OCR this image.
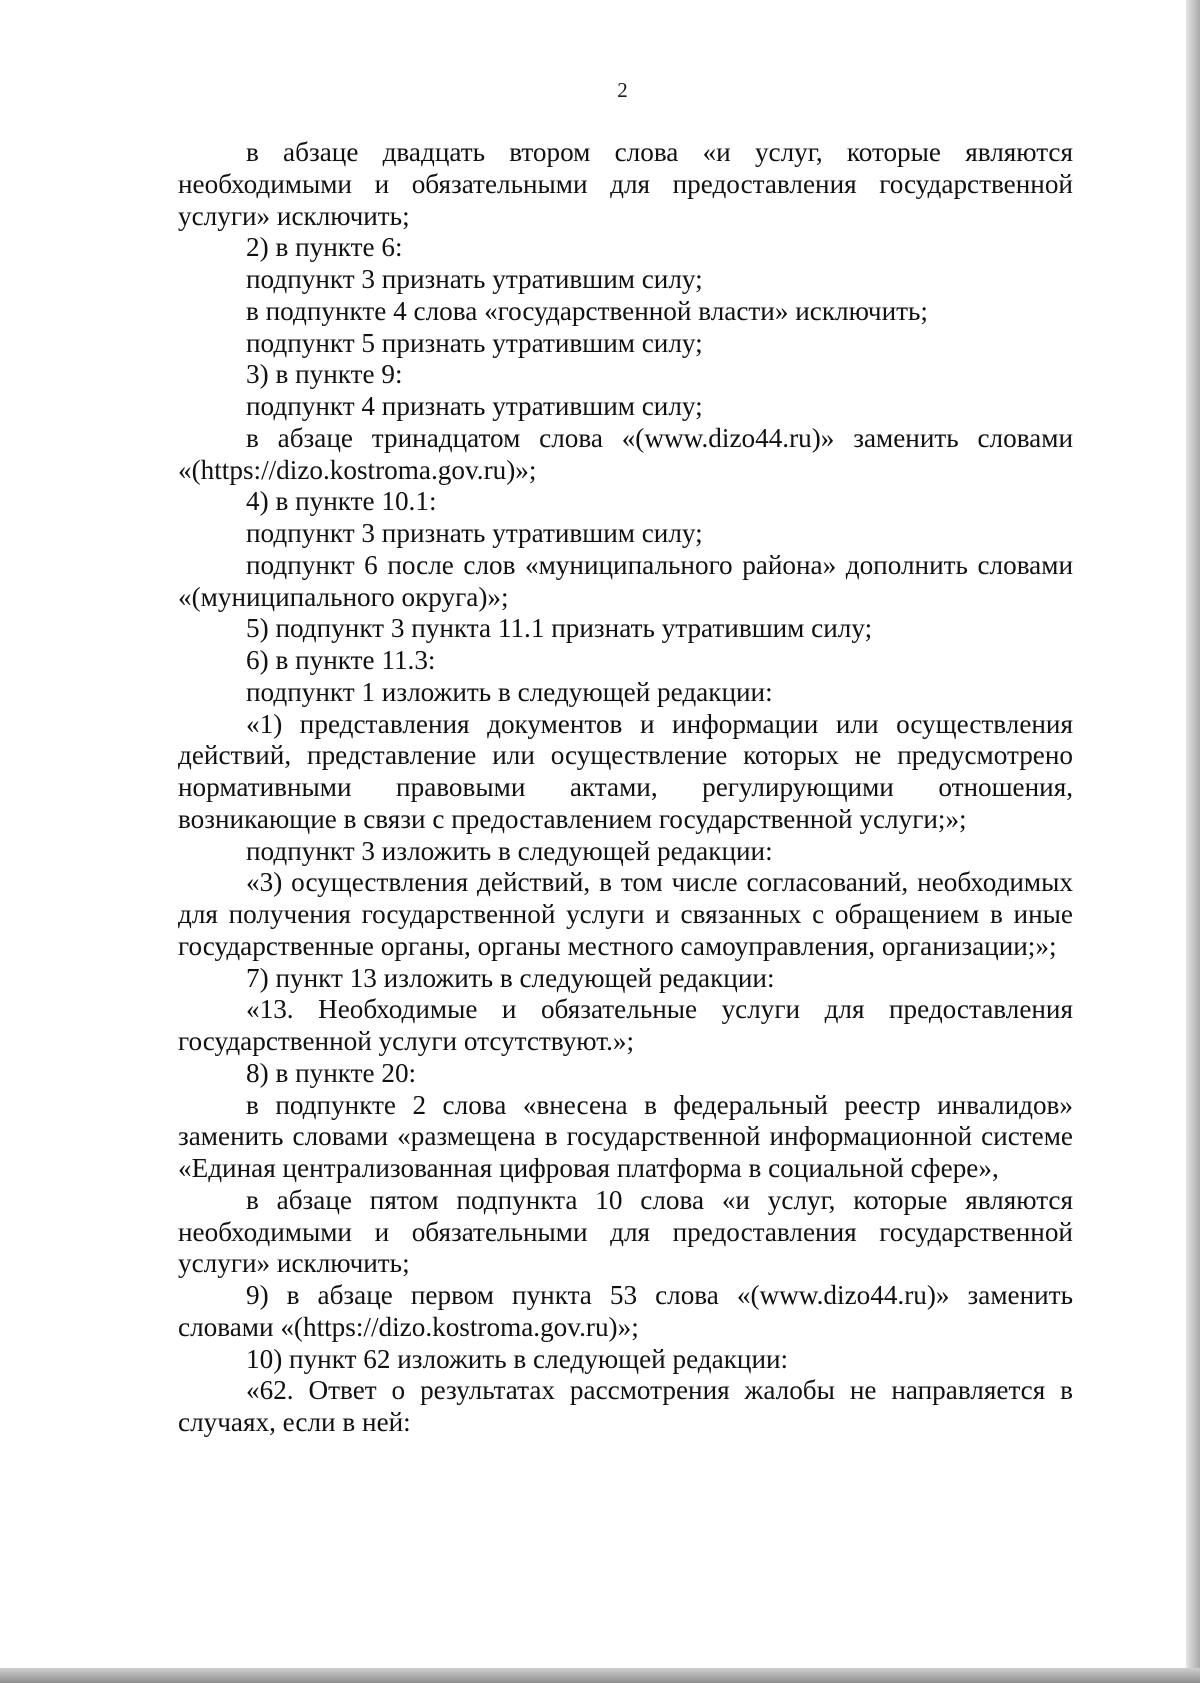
2

в абзаце двадцать втором слова «и услуг, которые являются необходимыми и обязательными для предоставления государственной услуги» исключить;

2) в пункте 6:

подпункт 3 признать утратившим силу;

в подпункте 4 слова «государственной власти» исключить;

подпункт 5 признать утратившим силу;

3) в пункте 9:

подпункт 4 признать утратившим силу;

в абзаце тринадцатом слова «(www.dizo44.ru)» заменить словами «(https://dizo.kostroma.gov.ru)»;

4) в пункте 10.1:

подпункт 3 признать утратившим силу;

подпункт 6 после слов «муниципального района» дополнить словами «(муниципального округа)»;

5) подпункт 3 пункта 11.1 признать утратившим силу;

6) в пункте 11.3:

подпункт 1 изложить в следующей редакции:

«1) представления документов и информации или осуществления действий, представление или осуществление которых не предусмотрено нормативными правовыми актами, регулирующими отношения, возникающие в связи с предоставлением государственной услуги;»;

подпункт 3 изложить в следующей редакции:

«3) осуществления действий, в том числе согласований, необходимых для получения государственной услуги и связанных с обращением в иные государственные органы, органы местного самоуправления, организации;»;

7) пункт 13 изложить в следующей редакции:

«13. Необходимые и обязательные услуги для предоставления государственной услуги отсутствуют.»;

8) в пункте 20:

в подпункте 2 слова «внесена в федеральный реестр инвалидов» заменить словами «размещена в государственной информационной системе «Единая централизованная цифровая платформа в социальной сфере»,

в абзаце пятом подпункта 10 слова «и услуг, которые являются необходимыми и обязательными для предоставления государственной услуги» исключить;

9) в абзаце первом пункта 53 слова «(www.dizo44.ru)» заменить словами «(https://dizo.kostroma.gov.ru)»;

10) пункт 62 изложить в следующей редакции:

«62. Ответ о результатах рассмотрения жалобы не направляется в случаях, если в ней:
